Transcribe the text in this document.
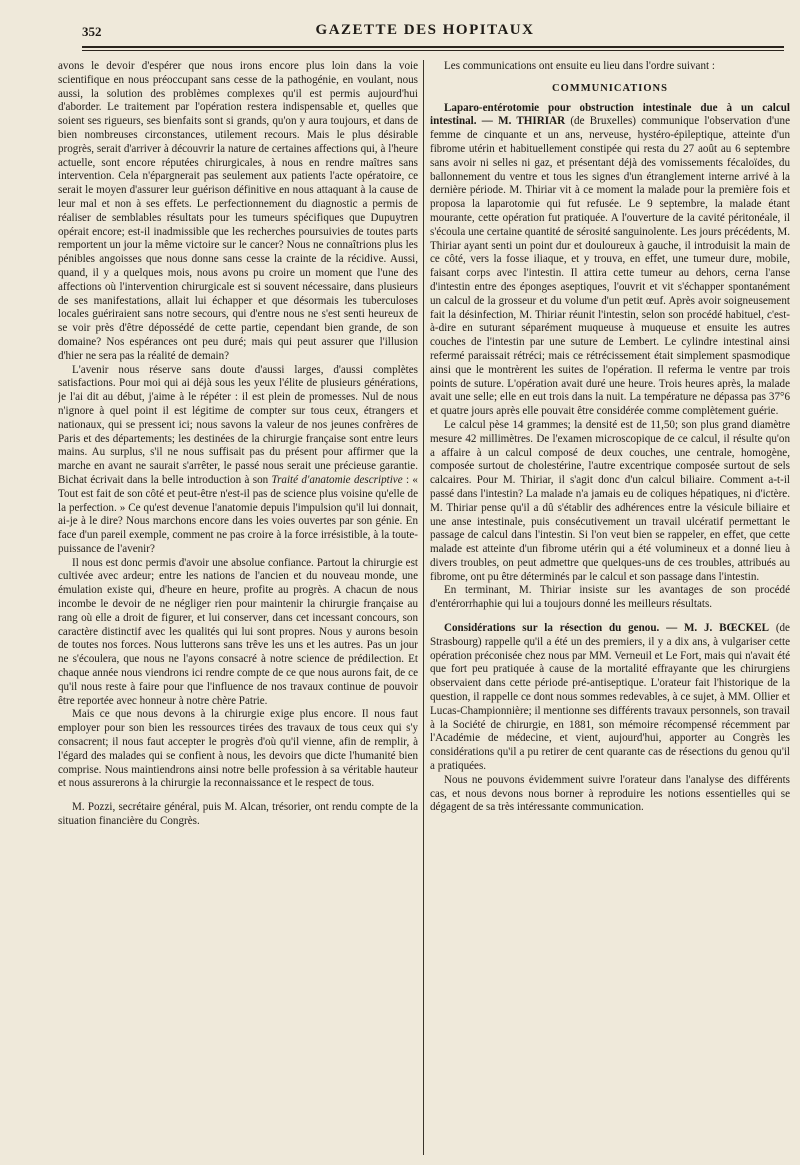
352	GAZETTE DES HOPITAUX

avons le devoir d'espérer que nous irons encore plus loin dans la voie scientifique en nous préoccupant sans cesse de la pathogénie, en voulant, nous aussi, la solution des problèmes complexes qu'il est permis aujourd'hui d'aborder. Le traitement par l'opération restera indispensable et, quelles que soient ses rigueurs, ses bienfaits sont si grands, qu'on y aura toujours, et dans de bien nombreuses circonstances, utilement recours. Mais le plus désirable progrès, serait d'arriver à découvrir la nature de certaines affections qui, à l'heure actuelle, sont encore réputées chirurgicales, à nous en rendre maîtres sans intervention. Cela n'épargnerait pas seulement aux patients l'acte opératoire, ce serait le moyen d'assurer leur guérison définitive en nous attaquant à la cause de leur mal et non à ses effets. Le perfectionnement du diagnostic a permis de réaliser de semblables résultats pour les tumeurs spécifiques que Dupuytren opérait encore; est-il inadmissible que les recherches poursuivies de toutes parts remportent un jour la même victoire sur le cancer? Nous ne connaîtrions plus les pénibles angoisses que nous donne sans cesse la crainte de la récidive. Aussi, quand, il y a quelques mois, nous avons pu croire un moment que l'une des affections où l'intervention chirurgicale est si souvent nécessaire, dans plusieurs de ses manifestations, allait lui échapper et que désormais les tuberculoses locales guériraient sans notre secours, qui d'entre nous ne s'est senti heureux de se voir près d'être dépossédé de cette partie, cependant bien grande, de son domaine? Nos espérances ont peu duré; mais qui peut assurer que l'illusion d'hier ne sera pas la réalité de demain?

L'avenir nous réserve sans doute d'aussi larges, d'aussi complètes satisfactions. Pour moi qui ai déjà sous les yeux l'élite de plusieurs générations, je l'ai dit au début, j'aime à le répéter : il est plein de promesses. Nul de nous n'ignore à quel point il est légitime de compter sur tous ceux, étrangers et nationaux, qui se pressent ici; nous savons la valeur de nos jeunes confrères de Paris et des départements; les destinées de la chirurgie française sont entre leurs mains. Au surplus, s'il ne nous suffisait pas du présent pour affirmer que la marche en avant ne saurait s'arrêter, le passé nous serait une précieuse garantie. Bichat écrivait dans la belle introduction à son Traité d'anatomie descriptive : « Tout est fait de son côté et peut-être n'est-il pas de science plus voisine qu'elle de la perfection. » Ce qu'est devenue l'anatomie depuis l'impulsion qu'il lui donnait, ai-je à le dire? Nous marchons encore dans les voies ouvertes par son génie. En face d'un pareil exemple, comment ne pas croire à la force irrésistible, à la toute-puissance de l'avenir?

Il nous est donc permis d'avoir une absolue confiance. Partout la chirurgie est cultivée avec ardeur; entre les nations de l'ancien et du nouveau monde, une émulation existe qui, d'heure en heure, profite au progrès. A chacun de nous incombe le devoir de ne négliger rien pour maintenir la chirurgie française au rang où elle a droit de figurer, et lui conserver, dans cet incessant concours, son caractère distinctif avec les qualités qui lui sont propres. Nous y aurons besoin de toutes nos forces. Nous lutterons sans trêve les uns et les autres. Pas un jour ne s'écoulera, que nous ne l'ayons consacré à notre science de prédilection. Et chaque année nous viendrons ici rendre compte de ce que nous aurons fait, de ce qu'il nous reste à faire pour que l'influence de nos travaux continue de pouvoir être reportée avec honneur à notre chère Patrie.

Mais ce que nous devons à la chirurgie exige plus encore. Il nous faut employer pour son bien les ressources tirées des travaux de tous ceux qui s'y consacrent; il nous faut accepter le progrès d'où qu'il vienne, afin de remplir, à l'égard des malades qui se confient à nous, les devoirs que dicte l'humanité bien comprise. Nous maintiendrons ainsi notre belle profession à sa véritable hauteur et nous assurerons à la chirurgie la reconnaissance et le respect de tous.

M. Pozzi, secrétaire général, puis M. Alcan, trésorier, ont rendu compte de la situation financière du Congrès.

Les communications ont ensuite eu lieu dans l'ordre suivant :

COMMUNICATIONS

Laparo-entérotomie pour obstruction intestinale due à un calcul intestinal. — M. THIRIAR (de Bruxelles) communique l'observation d'une femme de cinquante et un ans, nerveuse, hystéro-épileptique, atteinte d'un fibrome utérin et habituellement constipée qui resta du 27 août au 6 septembre sans avoir ni selles ni gaz, et présentant déjà des vomissements fécaloïdes, du ballonnement du ventre et tous les signes d'un étranglement interne arrivé à la dernière période. M. Thiriar vit à ce moment la malade pour la première fois et proposa la laparotomie qui fut refusée. Le 9 septembre, la malade étant mourante, cette opération fut pratiquée. A l'ouverture de la cavité péritonéale, il s'écoula une certaine quantité de sérosité sanguinolente. Les jours précédents, M. Thiriar ayant senti un point dur et douloureux à gauche, il introduisit la main de ce côté, vers la fosse iliaque, et y trouva, en effet, une tumeur dure, mobile, faisant corps avec l'intestin. Il attira cette tumeur au dehors, cerna l'anse d'intestin entre des éponges aseptiques, l'ouvrit et vit s'échapper spontanément un calcul de la grosseur et du volume d'un petit œuf. Après avoir soigneusement fait la désinfection, M. Thiriar réunit l'intestin, selon son procédé habituel, c'est-à-dire en suturant séparément muqueuse à muqueuse et ensuite les autres couches de l'intestin par une suture de Lembert. Le cylindre intestinal ainsi refermé paraissait rétréci; mais ce rétrécissement était simplement spasmodique ainsi que le montrèrent les suites de l'opération. Il referma le ventre par trois points de suture. L'opération avait duré une heure. Trois heures après, la malade avait une selle; elle en eut trois dans la nuit. La température ne dépassa pas 37°6 et quatre jours après elle pouvait être considérée comme complètement guérie.

Le calcul pèse 14 grammes; la densité est de 11,50; son plus grand diamètre mesure 42 millimètres. De l'examen microscopique de ce calcul, il résulte qu'on a affaire à un calcul composé de deux couches, une centrale, homogène, composée surtout de cholestérine, l'autre excentrique composée surtout de sels calcaires. Pour M. Thiriar, il s'agit donc d'un calcul biliaire. Comment a-t-il passé dans l'intestin? La malade n'a jamais eu de coliques hépatiques, ni d'ictère. M. Thiriar pense qu'il a dû s'établir des adhérences entre la vésicule biliaire et une anse intestinale, puis consécutivement un travail ulcératif permettant le passage de calcul dans l'intestin. Si l'on veut bien se rappeler, en effet, que cette malade est atteinte d'un fibrome utérin qui a été volumineux et a donné lieu à divers troubles, on peut admettre que quelques-uns de ces troubles, attribués au fibrome, ont pu être déterminés par le calcul et son passage dans l'intestin.

En terminant, M. Thiriar insiste sur les avantages de son procédé d'entérorrhaphie qui lui a toujours donné les meilleurs résultats.

Considérations sur la résection du genou. — M. J. BŒCKEL (de Strasbourg) rappelle qu'il a été un des premiers, il y a dix ans, à vulgariser cette opération préconisée chez nous par MM. Verneuil et Le Fort, mais qui n'avait été que fort peu pratiquée à cause de la mortalité effrayante que les chirurgiens observaient dans cette période pré-antiseptique. L'orateur fait l'historique de la question, il rappelle ce dont nous sommes redevables, à ce sujet, à MM. Ollier et Lucas-Championnière; il mentionne ses différents travaux personnels, son travail à la Société de chirurgie, en 1881, son mémoire récompensé récemment par l'Académie de médecine, et vient, aujourd'hui, apporter au Congrès les considérations qu'il a pu retirer de cent quarante cas de résections du genou qu'il a pratiquées.

Nous ne pouvons évidemment suivre l'orateur dans l'analyse des différents cas, et nous devons nous borner à reproduire les notions essentielles qui se dégagent de sa très intéressante communication.
